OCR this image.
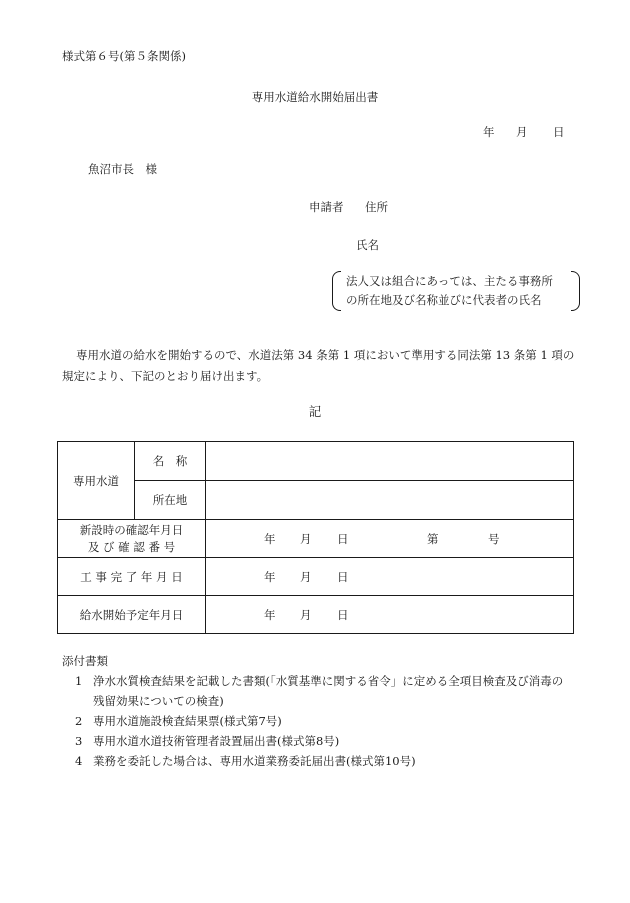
様式第６号(第５条関係)
専用水道給水開始届出書
年 月 日
魚沼市長　様
申請者 住所
氏名
法人又は組合にあっては、主たる事務所
の所在地及び名称並びに代表者の氏名
専用水道の給水を開始するので、水道法第 34 条第 1 項において準用する同法第 13 条第 1 項の
規定により、下記のとおり届け出ます。
記
専用水道	名　称	
	所在地	

新設時の確認年月日
及 び 確 認 番 号		年 月 日 第 号

工 事 完 了 年 月 日		年 月 日

給水開始予定年月日		年 月 日
添付書類
1 浄水水質検査結果を記載した書類(「水質基準に関する省令」に定める全項目検査及び消毒の
残留効果についての検査)
2 専用水道施設検査結果票(様式第7号)
3 専用水道水道技術管理者設置届出書(様式第8号)
4 業務を委託した場合は、専用水道業務委託届出書(様式第10号)
